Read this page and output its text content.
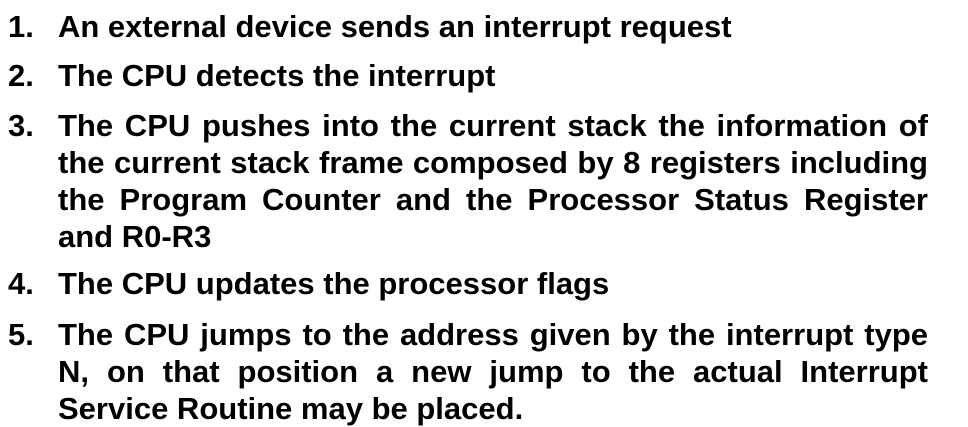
1. An external device sends an interrupt request
2. The CPU detects the interrupt
3. The CPU pushes into the current stack the information of the current stack frame composed by 8 registers including the Program Counter and the Processor Status Register and R0-R3
4. The CPU updates the processor flags
5. The CPU jumps to the address given by the interrupt type N, on that position a new jump to the actual Interrupt Service Routine may be placed.
